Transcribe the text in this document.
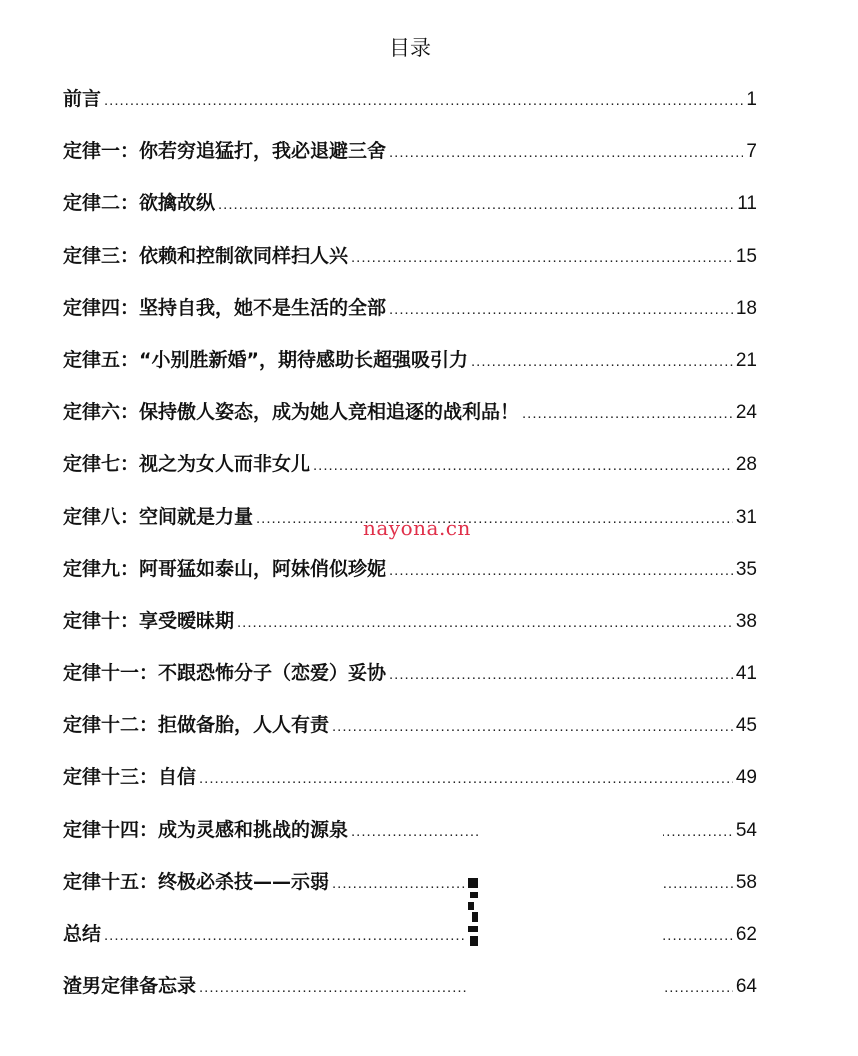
目录
前言 .....	1
定律一：你若穷追猛打，我必退避三舍 .....	7
定律二：欲擒故纵 .....	11
定律三：依赖和控制欲同样扫人兴 .....	15
定律四：坚持自我，她不是生活的全部 .....	18
定律五：“小别胜新婚”，期待感助长超强吸引力 .....	21
定律六：保持傲人姿态，成为她人竞相追逐的战利品！ .....	24
定律七：视之为女人而非女儿 .....	28
定律八：空间就是力量 .....	31
定律九：阿哥猛如泰山，阿妹俏似珍妮 .....	35
定律十：享受暧昧期 .....	38
定律十一：不跟恐怖分子（恋爱）妥协 .....	41
定律十二：拒做备胎，人人有责 .....	45
定律十三：自信 .....	49
定律十四：成为灵感和挑战的源泉 .....	54
定律十五：终极必杀技——示弱 .....	58
总结 .....	62
渣男定律备忘录 .....	64
nayona.cn
